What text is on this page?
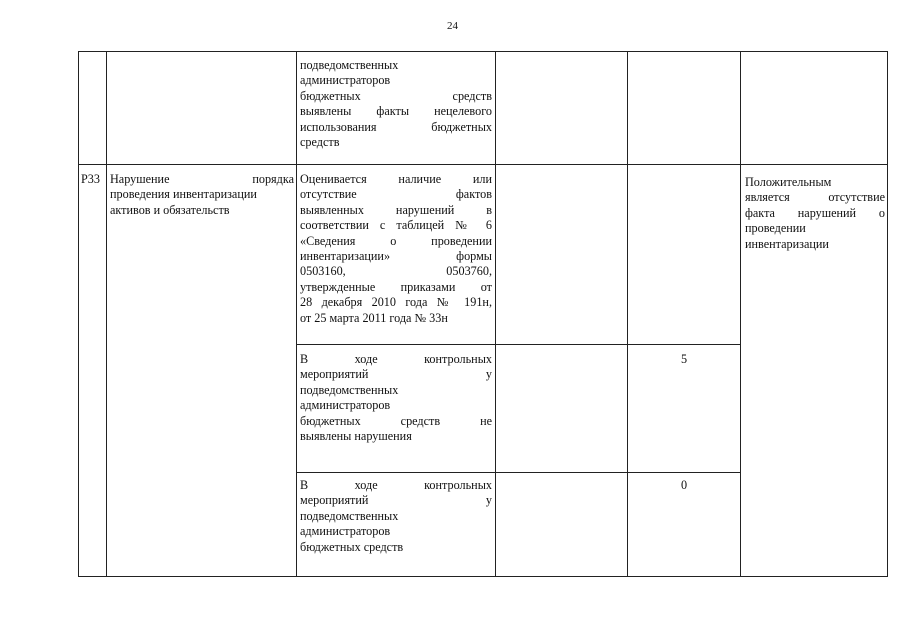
24
подведомственных
администраторов
бюджетных средств
выявлены факты нецелевого
использования бюджетных
средств
Р33 Нарушение порядка
проведения инвентаризации
активов и обязательств
Оценивается наличие или
отсутствие фактов
выявленных нарушений в
соответствии с таблицей № 6
«Сведения о проведении
инвентаризации» формы
0503160, 0503760,
утвержденные приказами от
28 декабря 2010 года № 191н,
от 25 марта 2011 года № 33н
Положительным
является отсутствие
факта нарушений о
проведении
инвентаризации
В ходе контрольных
мероприятий у
подведомственных
администраторов
бюджетных средств не
выявлены нарушения
5
В ходе контрольных
мероприятий у
подведомственных
администраторов
бюджетных средств
0
